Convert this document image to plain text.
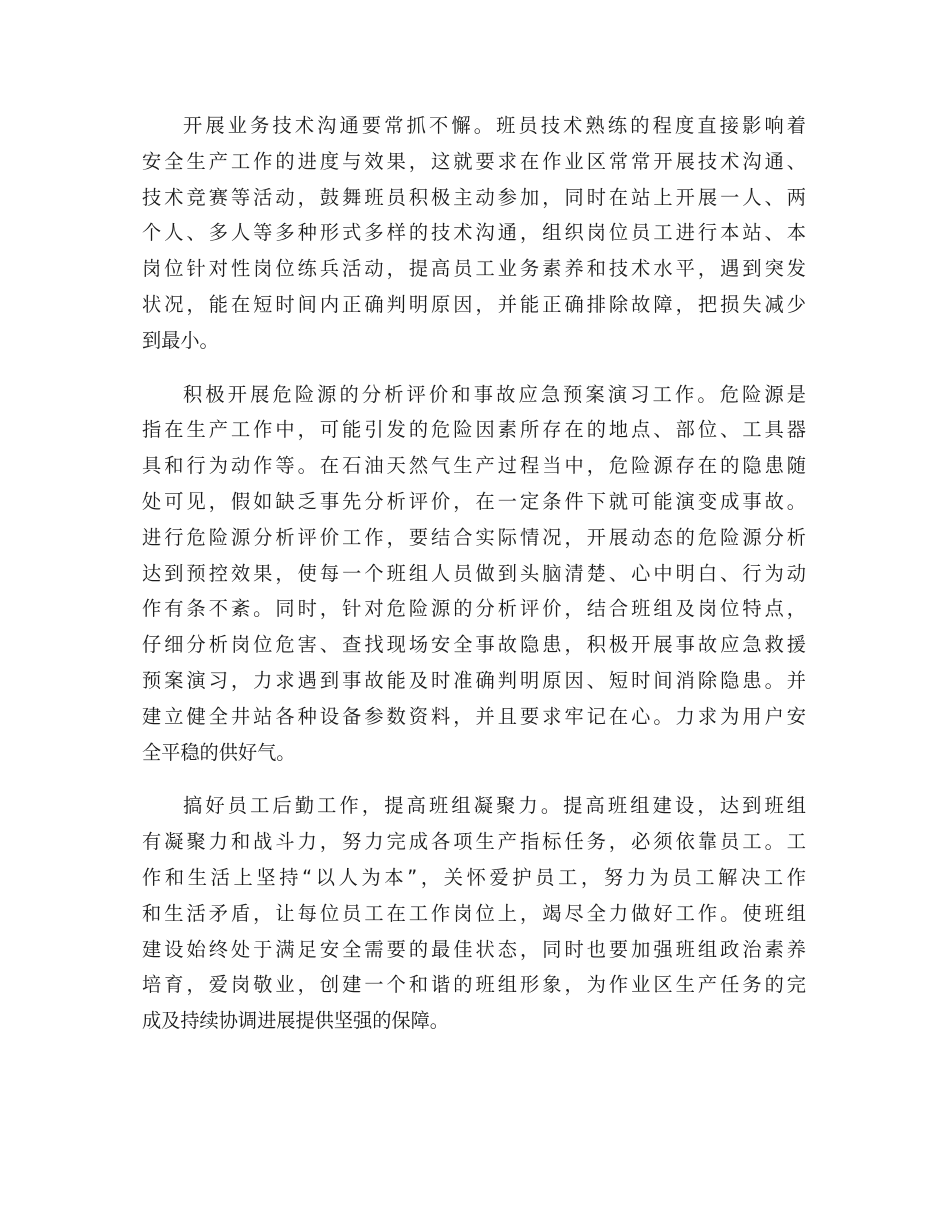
开展业务技术沟通要常抓不懈。班员技术熟练的程度直接影响着
安全生产工作的进度与效果，这就要求在作业区常常开展技术沟通、
技术竞赛等活动，鼓舞班员积极主动参加，同时在站上开展一人、两
个人、多人等多种形式多样的技术沟通，组织岗位员工进行本站、本
岗位针对性岗位练兵活动，提高员工业务素养和技术水平，遇到突发
状况，能在短时间内正确判明原因，并能正确排除故障，把损失减少
到最小。
积极开展危险源的分析评价和事故应急预案演习工作。危险源是
指在生产工作中，可能引发的危险因素所存在的地点、部位、工具器
具和行为动作等。在石油天然气生产过程当中，危险源存在的隐患随
处可见，假如缺乏事先分析评价，在一定条件下就可能演变成事故。
进行危险源分析评价工作，要结合实际情况，开展动态的危险源分析
达到预控效果，使每一个班组人员做到头脑清楚、心中明白、行为动
作有条不紊。同时，针对危险源的分析评价，结合班组及岗位特点，
仔细分析岗位危害、查找现场安全事故隐患，积极开展事故应急救援
预案演习，力求遇到事故能及时准确判明原因、短时间消除隐患。并
建立健全井站各种设备参数资料，并且要求牢记在心。力求为用户安
全平稳的供好气。
搞好员工后勤工作，提高班组凝聚力。提高班组建设，达到班组
有凝聚力和战斗力，努力完成各项生产指标任务，必须依靠员工。工
作和生活上坚持“以人为本”，关怀爱护员工，努力为员工解决工作
和生活矛盾，让每位员工在工作岗位上，竭尽全力做好工作。使班组
建设始终处于满足安全需要的最佳状态，同时也要加强班组政治素养
培育，爱岗敬业，创建一个和谐的班组形象，为作业区生产任务的完
成及持续协调进展提供坚强的保障。
